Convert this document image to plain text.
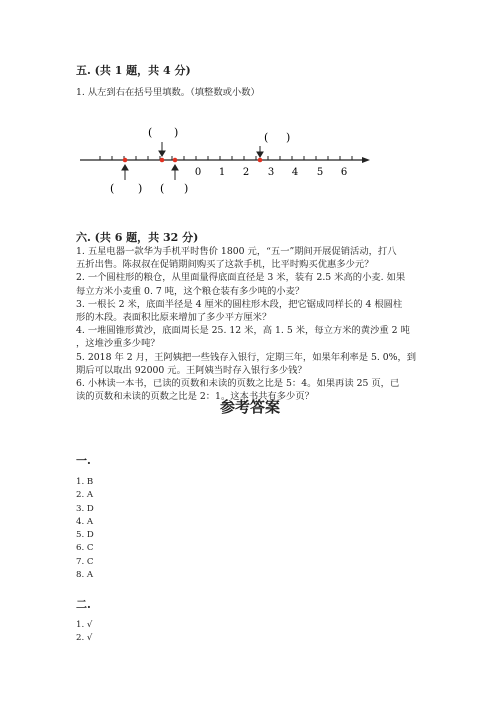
五. (共 1 题，共 4 分)
1. 从左到右在括号里填数。（填整数或小数）
( )	( )
0 1 2 3 4 5 6
( ) ( )
六. (共 6 题，共 32 分)
1. 五星电器一款华为手机平时售价 1800 元，“五一”期间开展促销活动，打八
五折出售。陈叔叔在促销期间购买了这款手机，比平时购买优惠多少元？
2. 一个圆柱形的粮仓，从里面量得底面直径是 3 米，装有 2.5 米高的小麦. 如果
每立方米小麦重 0. 7 吨，这个粮仓装有多少吨的小麦？
3. 一根长 2 米，底面半径是 4 厘米的圆柱形木段，把它锯成同样长的 4 根圆柱
形的木段。表面积比原来增加了多少平方厘米？
4. 一堆圆锥形黄沙，底面周长是 25. 12 米，高 1. 5 米，每立方米的黄沙重 2 吨
，这堆沙重多少吨？
5. 2018 年 2 月，王阿姨把一些钱存入银行，定期三年，如果年利率是 5. 0%，到
期后可以取出 92000 元。王阿姨当时存入银行多少钱？
6. 小林读一本书，已读的页数和未读的页数之比是 5：4。如果再读 25 页，已
读的页数和未读的页数之比是 2：1。这本书共有多少页？
参考答案
一.
1. B
2. A
3. D
4. A
5. D
6. C
7. C
8. A
二.
1. √
2. √
